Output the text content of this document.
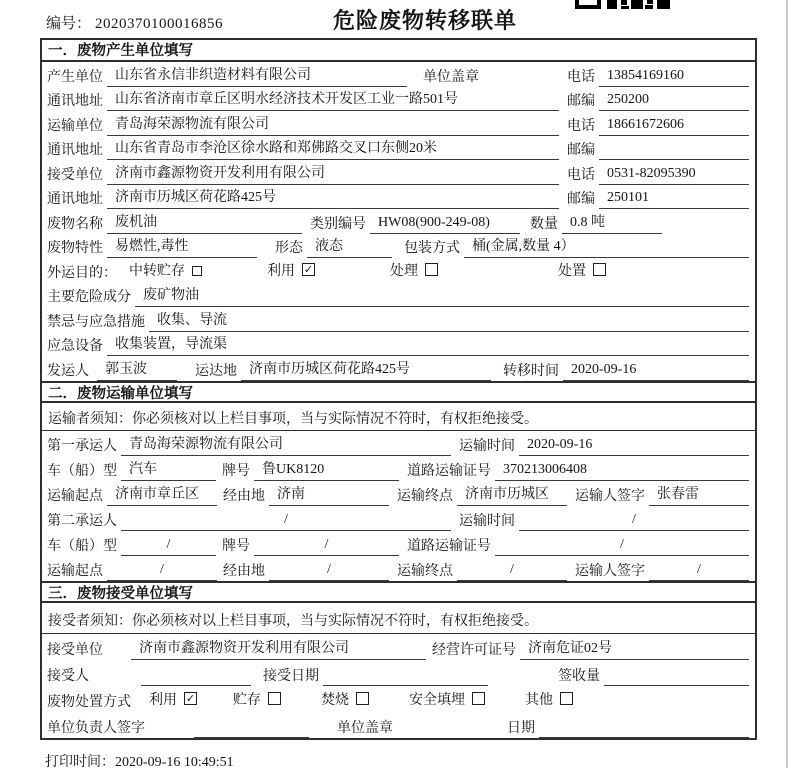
编号： 2020370100016856	危险废物转移联单
一．废物产生单位填写
产生单位 山东省永信非织造材料有限公司	单位盖章	电话 13854169160
通讯地址 山东省济南市章丘区明水经济技术开发区工业一路501号	邮编 250200
运输单位 青岛海荣源物流有限公司	电话 18661672606
通讯地址 山东省青岛市李沧区徐水路和郑佛路交叉口东侧20米	邮编
接受单位 济南市鑫源物资开发利用有限公司	电话 0531-82095390
通讯地址 济南市历城区荷花路425号	邮编 250101
废物名称 废机油	类别编号 HW08(900-249-08)	数量 0.8 吨
废物特性 易燃性,毒性	形态 液态	包装方式 桶(金属,数量 4）
外运目的： 中转贮存	利用 ✓	处理	处置
主要危险成分 废矿物油
禁忌与应急措施 收集、导流
应急设备 收集装置，导流渠
发运人	郭玉波	运达地 济南市历城区荷花路425号	转移时间 2020-09-16
二．废物运输单位填写
运输者须知：你必须核对以上栏目事项，当与实际情况不符时，有权拒绝接受。
第一承运人 青岛海荣源物流有限公司	运输时间 2020-09-16
车（船）型 汽车	牌号 鲁UK8120	道路运输证号 370213006408
运输起点 济南市章丘区	经由地 济南	运输终点 济南市历城区	运输人签字 张春雷
第二承运人	/	运输时间	/
车（船）型	/	牌号	/	道路运输证号	/
运输起点	/	经由地	/	运输终点	/	运输人签字	/
三．废物接受单位填写
接受者须知：你必须核对以上栏目事项，当与实际情况不符时，有权拒绝接受。
接受单位	济南市鑫源物资开发利用有限公司	经营许可证号 济南危证02号
接受人	接受日期	签收量
废物处置方式 利用 ✓	贮存	焚烧	安全填埋	其他
单位负责人签字	单位盖章	日期
打印时间：2020-09-16 10:49:51
